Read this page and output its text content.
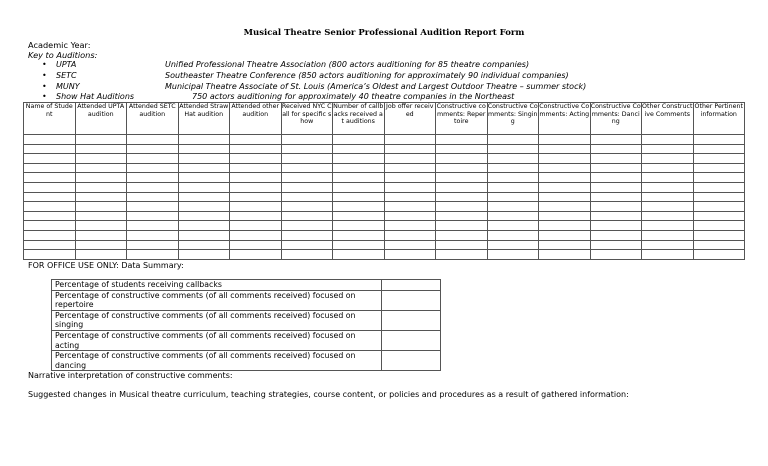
Musical Theatre Senior Professional Audition Report Form
Academic Year:
Key to Auditions:
• UPTA	Unified Professional Theatre Association (800 actors auditioning for 85 theatre companies)
• SETC	Southeaster Theatre Conference (850 actors auditioning for approximately 90 individual companies)
• MUNY	Municipal Theatre Associate of St. Louis (America’s Oldest and Largest Outdoor Theatre – summer stock)
• Show Hat Auditions	750 actors auditioning for approximately 40 theatre companies in the Northeast
Name of Student	Attended UPTA audition	Attended SETC audition	Attended Straw Hat audition	Attended other audition	Received NYC Call for specific show	Number of callbacks received at auditions	Job offer received	Constructive comments: Repertoire	Constructive Comments: Singing	Constructive Comments: Acting	Constructive Comments: Dancing	Other Constructive Comments	Other Pertinent information

FOR OFFICE USE ONLY: Data Summary:
Percentage of students receiving callbacks	
Percentage of constructive comments (of all comments received) focused on repertoire	
Percentage of constructive comments (of all comments received) focused on singing	
Percentage of constructive comments (of all comments received) focused on acting	
Percentage of constructive comments (of all comments received) focused on dancing	
Narrative interpretation of constructive comments:
Suggested changes in Musical theatre curriculum, teaching strategies, course content, or policies and procedures as a result of gathered information:
